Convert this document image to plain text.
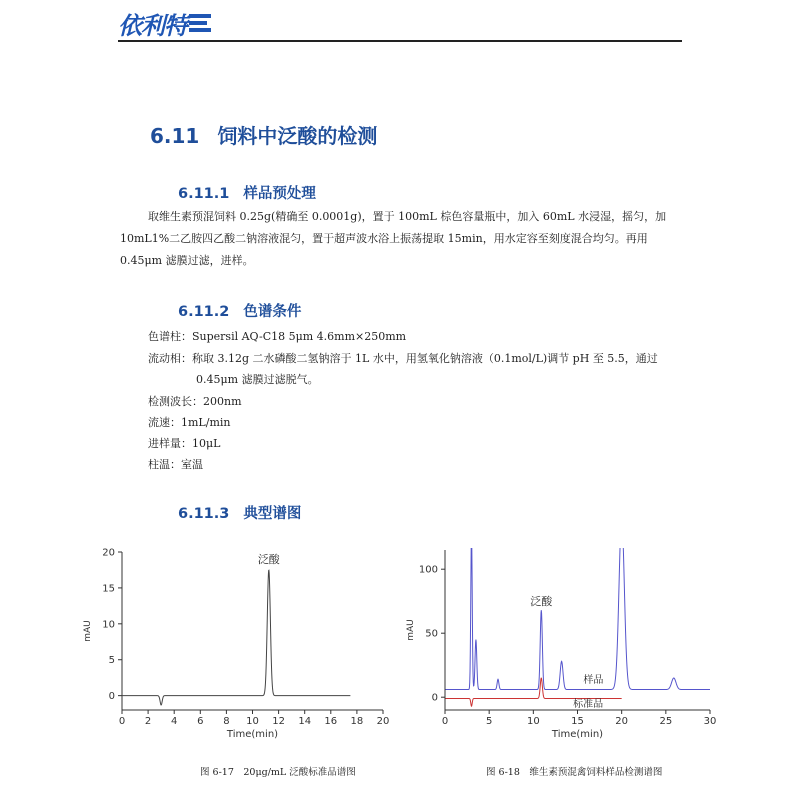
依利特
6.11 饲料中泛酸的检测
6.11.1 样品预处理
取维生素预混饲料 0.25g(精确至 0.0001g)，置于 100mL 棕色容量瓶中，加入 60mL 水浸湿，摇匀，加
10mL1%二乙胺四乙酸二钠溶液混匀，置于超声波水浴上振荡提取 15min，用水定容至刻度混合均匀。再用
0.45μm 滤膜过滤，进样。
6.11.2 色谱条件
色谱柱：Supersil AQ-C18 5μm 4.6mm×250mm
流动相：称取 3.12g 二水磷酸二氢钠溶于 1L 水中，用氢氧化钠溶液（0.1mol/L)调节 pH 至 5.5，通过
0.45μm 滤膜过滤脱气。
检测波长：200nm
流速：1mL/min
进样量：10μL
柱温：室温
6.11.3 典型谱图
0 2 4 6 8 10 12 14 16 18 20
0
5
10
15
20
Time(min)
mAU
泛酸
0	5	10	15	20	25	30
0
50
100
Time(min)
mAU
样品
标准品
泛酸
图 6-17　20μg/mL 泛酸标准品谱图	图 6-18　维生素预混禽饲料样品检测谱图
